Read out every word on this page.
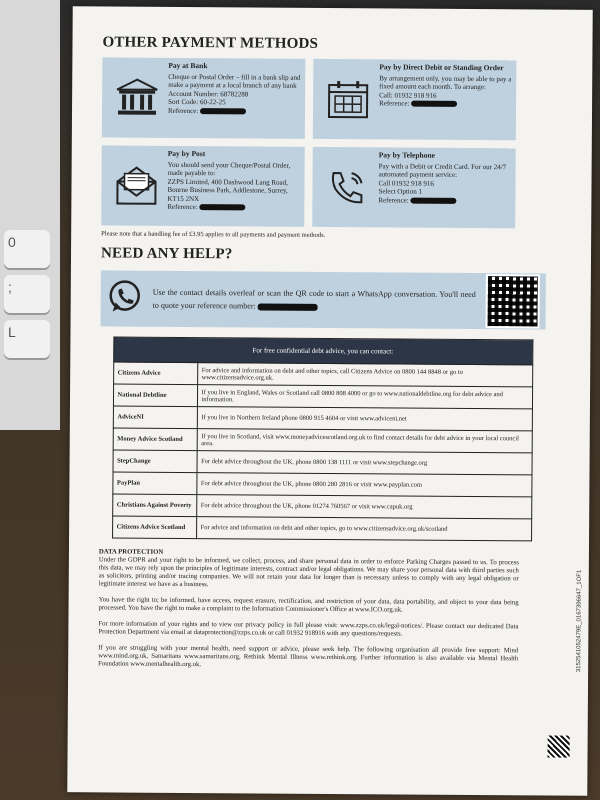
0
L
;
OTHER PAYMENT METHODS
Pay at Bank
Cheque or Postal Order – fill in a bank slip and make a payment at a local branch of any bank
Account Number: 68782288
Sort Code: 60-22-25
Reference:
Pay by Direct Debit or Standing Order
By arrangement only, you may be able to pay a fixed amount each month. To arrange:
Call: 01932 918 916
Reference:
Pay by Post
You should send your Cheque/Postal Order, made payable to:
ZZPS Limited, 400 Dashwood Lang Road, Bourne Business Park, Addlestone, Surrey, KT15 2NX
Reference:
Pay by Telephone
Pay with a Debit or Credit Card. For our 24/7 automated payment service:
Call 01932 918 916
Select Option 1
Reference:
Please note that a handling fee of £3.95 applies to all payments and payment methods.
NEED ANY HELP?
Use the contact details overleaf or scan the QR code to start a WhatsApp conversation. You'll need to quote your reference number:
For free confidential debt advice, you can contact:	
Citizens Advice	For advice and information on debt and other topics, call Citizens Advice on 0800 144 8848 or go to www.citizensadvice.org.uk.
National Debtline	If you live in England, Wales or Scotland call 0800 808 4000 or go to www.nationaldebtline.org for debt advice and information.
AdviceNI	If you live in Northern Ireland phone 0800 915 4604 or visit www.adviceni.net
Money Advice Scotland	If you live in Scotland, visit www.moneyadvicescotland.org.uk to find contact details for debt advice in your local council area.
StepChange	For debt advice throughout the UK, phone 0800 138 1111 or visit www.stepchange.org
PayPlan	For debt advice throughout the UK, phone 0800 280 2816 or visit www.payplan.com
Christians Against Poverty	For debt advice throughout the UK, phone 01274 760567 or visit www.capuk.org
Citizens Advice Scotland	For advice and information on debt and other topics, go to www.citizensadvice.org.uk/scotland
DATA PROTECTION

Under the GDPR and your right to be informed, we collect, process, and share personal data in order to enforce Parking Charges passed to us. To process this data, we may rely upon the principles of legitimate interests, contract and/or legal obligations. We may share your personal data with third parties such as solicitors, printing and/or tracing companies. We will not retain your data for longer than is necessary unless to comply with any legal obligation or legitimate interest we have as a business.

You have the right to; be informed, have access, request erasure, rectification, and restriction of your data, data portability, and object to your data being processed. You have the right to make a complaint to the Information Commissioner's Office at www.ICO.org.uk.

For more information of your rights and to view our privacy policy in full please visit: www.zzps.co.uk/legal-notices/. Please contact our dedicated Data Protection Department via email at dataprotection@zzps.co.uk or call 01932 918916 with any questions/requests.

If you are struggling with your mental health, need support or advice, please seek help. The following organisation all provide free support: Mind www.mind.org.uk, Samaritans www.samaritans.org, Rethink Mental Illness www.rethink.org. Further information is also available via Mental Health Foundation www.mentalhealth.org.uk.	3152541052479E_0167396647_1OF1
